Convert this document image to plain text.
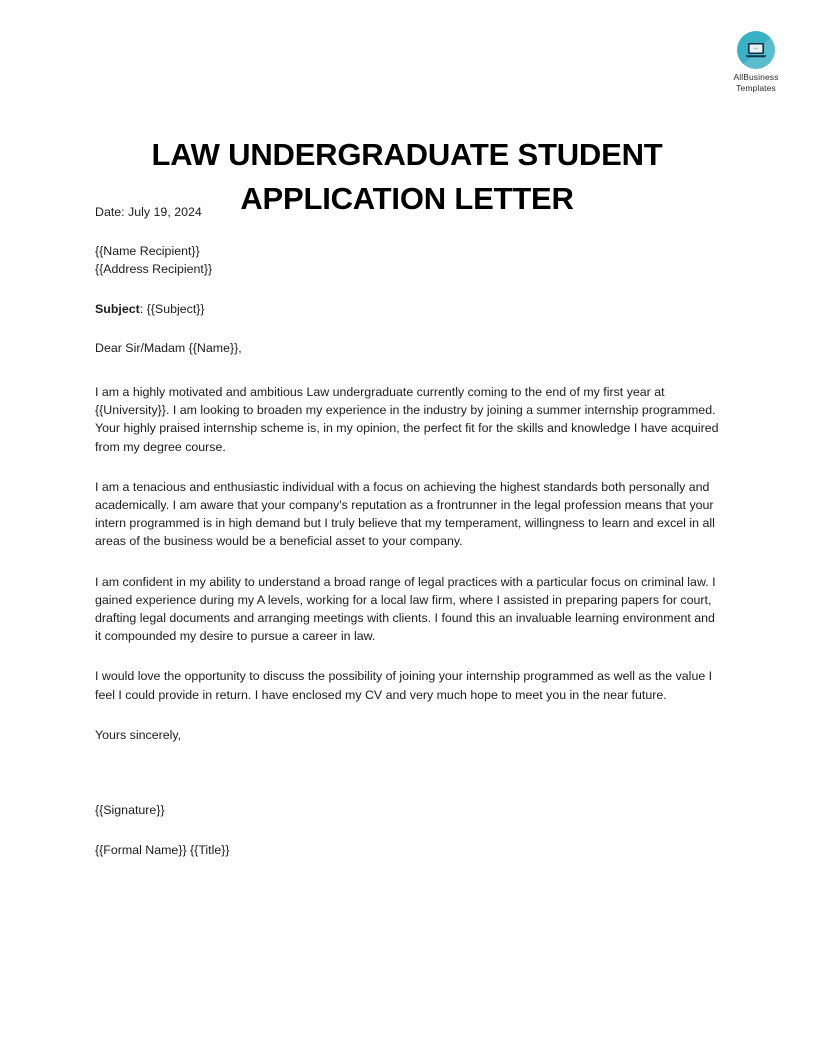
AllBusiness
Templates
LAW UNDERGRADUATE STUDENT
APPLICATION LETTER

Date: July 19, 2024

{{Name Recipient}}
{{Address Recipient}}

Subject: {{Subject}}

Dear Sir/Madam {{Name}},

I am a highly motivated and ambitious Law undergraduate currently coming to the end of my first year at {{University}}. I am looking to broaden my experience in the industry by joining a summer internship programmed. Your highly praised internship scheme is, in my opinion, the perfect fit for the skills and knowledge I have acquired from my degree course.

I am a tenacious and enthusiastic individual with a focus on achieving the highest standards both personally and academically. I am aware that your company's reputation as a frontrunner in the legal profession means that your intern programmed is in high demand but I truly believe that my temperament, willingness to learn and excel in all areas of the business would be a beneficial asset to your company.

I am confident in my ability to understand a broad range of legal practices with a particular focus on criminal law. I gained experience during my A levels, working for a local law firm, where I assisted in preparing papers for court, drafting legal documents and arranging meetings with clients. I found this an invaluable learning environment and it compounded my desire to pursue a career in law.

I would love the opportunity to discuss the possibility of joining your internship programmed as well as the value I feel I could provide in return. I have enclosed my CV and very much hope to meet you in the near future.

Yours sincerely,

{{Signature}}

{{Formal Name}} {{Title}}
